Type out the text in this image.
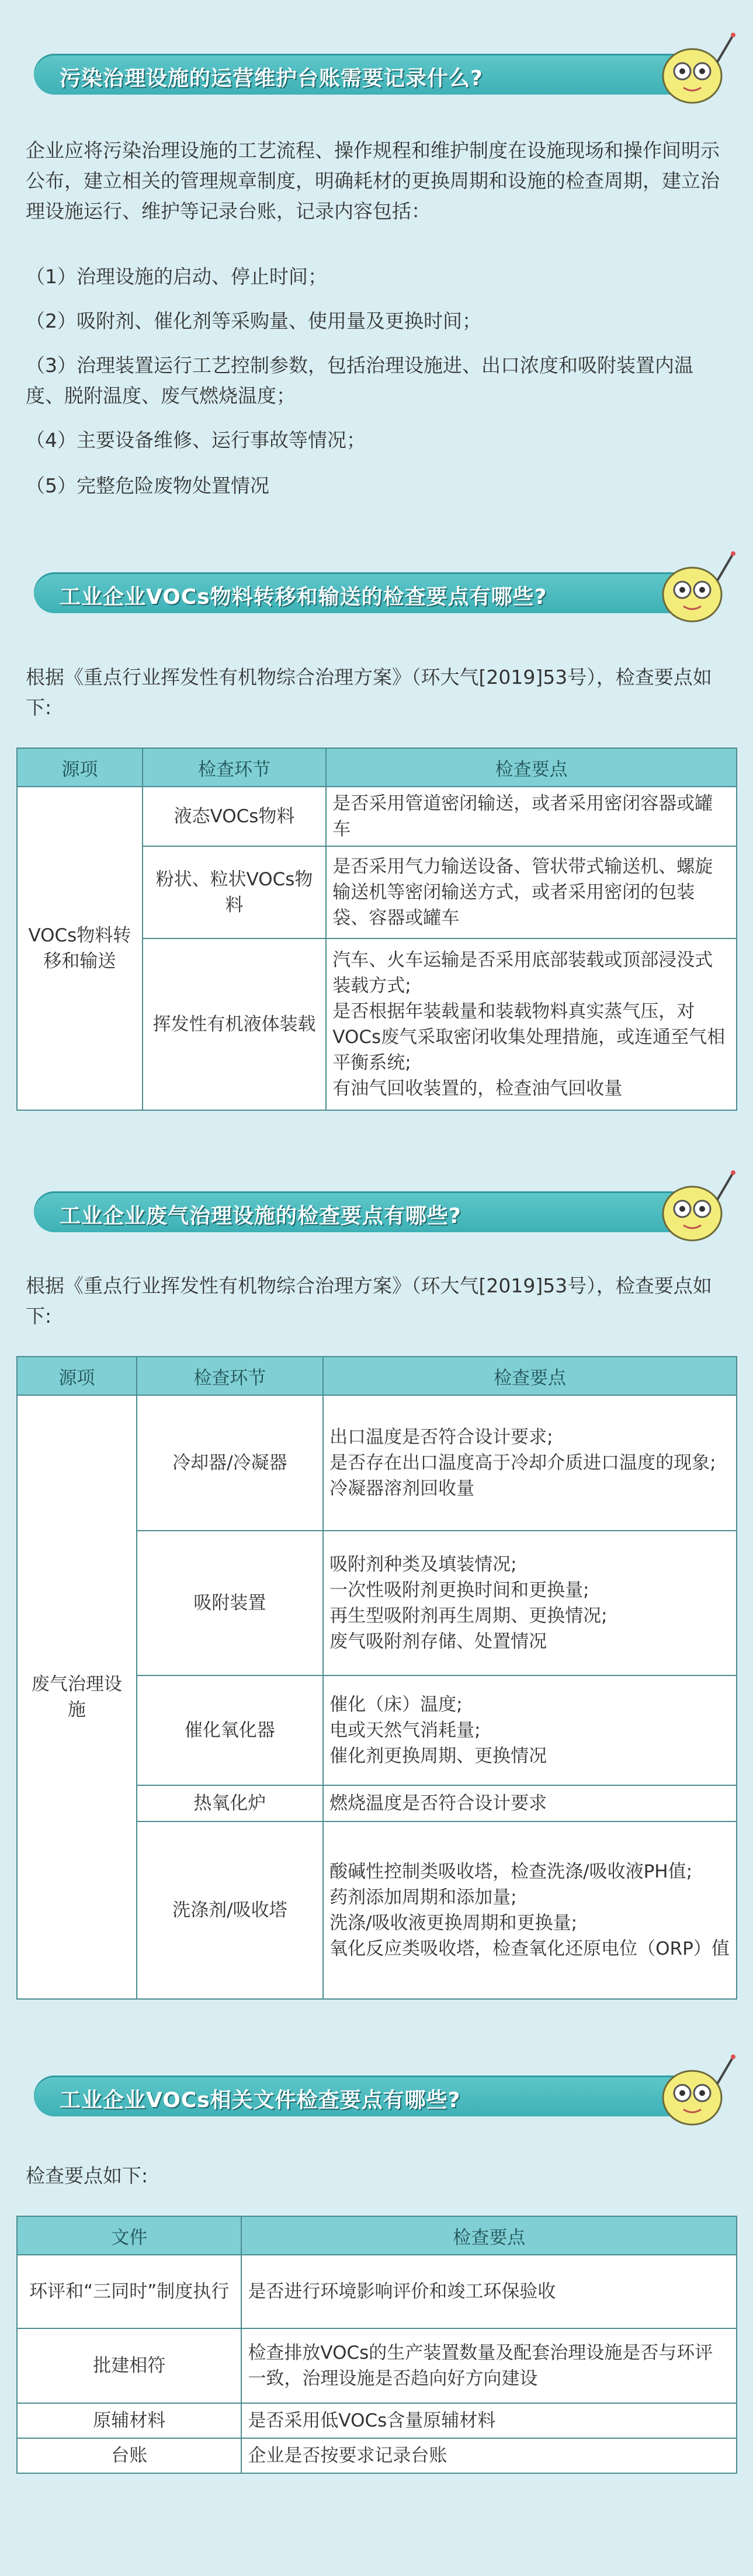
污染治理设施的运营维护台账需要记录什么?
企业应将污染治理设施的工艺流程、操作规程和维护制度在设施现场和操作间明示公布，建立相关的管理规章制度，明确耗材的更换周期和设施的检查周期，建立治理设施运行、维护等记录台账，记录内容包括：
（1）治理设施的启动、停止时间；
（2）吸附剂、催化剂等采购量、使用量及更换时间；
（3）治理装置运行工艺控制参数，包括治理设施进、出口浓度和吸附装置内温度、脱附温度、废气燃烧温度；
（4）主要设备维修、运行事故等情况；
（5）完整危险废物处置情况
工业企业VOCs物料转移和输送的检查要点有哪些?
根据《重点行业挥发性有机物综合治理方案》（环大气[2019]53号），检查要点如下:
源项	检查环节	检查要点
VOCs物料转移和输送	液态VOCs物料	是否采用管道密闭输送，或者采用密闭容器或罐车

	粉状、粒状VOCs物料	是否采用气力输送设备、管状带式输送机、螺旋输送机等密闭输送方式，或者采用密闭的包装袋、容器或罐车

	挥发性有机液体装载	汽车、火车运输是否采用底部装载或顶部浸没式装载方式;
是否根据年装载量和装载物料真实蒸气压，对VOCs废气采取密闭收集处理措施，或连通至气相平衡系统;
有油气回收装置的，检查油气回收量
工业企业废气治理设施的检查要点有哪些?
根据《重点行业挥发性有机物综合治理方案》（环大气[2019]53号），检查要点如下:
源项	检查环节	检查要点
废气治理设施	冷却器/冷凝器	出口温度是否符合设计要求;
是否存在出口温度高于冷却介质进口温度的现象;
冷凝器溶剂回收量

	吸附装置	吸附剂种类及填装情况;
一次性吸附剂更换时间和更换量;
再生型吸附剂再生周期、更换情况;
废气吸附剂存储、处置情况

	催化氧化器	催化（床）温度;
电或天然气消耗量;
催化剂更换周期、更换情况

	热氧化炉	燃烧温度是否符合设计要求

	洗涤剂/吸收塔	酸碱性控制类吸收塔，检查洗涤/吸收液PH值;
药剂添加周期和添加量;
洗涤/吸收液更换周期和更换量;
氧化反应类吸收塔，检查氧化还原电位（ORP）值
工业企业VOCs相关文件检查要点有哪些?
检查要点如下:
文件	检查要点
环评和“三同时”制度执行	是否进行环境影响评价和竣工环保验收
批建相符	检查排放VOCs的生产装置数量及配套治理设施是否与环评一致，治理设施是否趋向好方向建设
原辅材料	是否采用低VOCs含量原辅材料
台账	企业是否按要求记录台账
